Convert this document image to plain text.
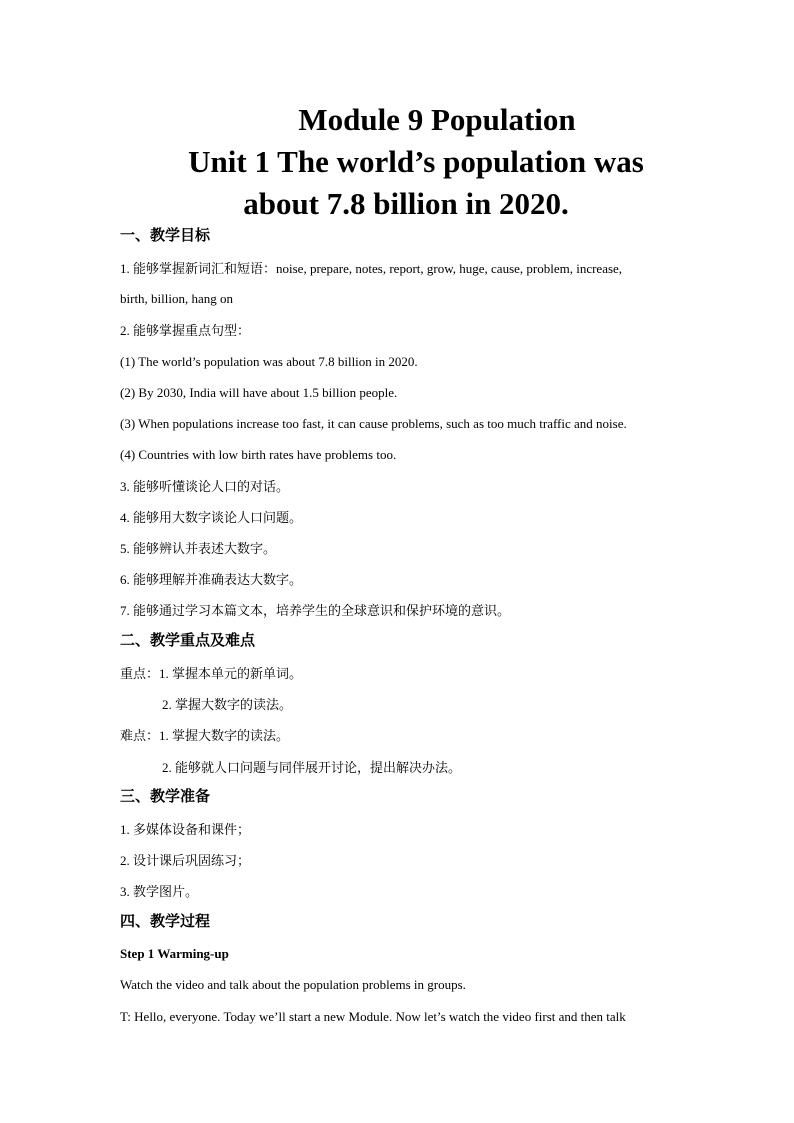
Module 9 Population
Unit 1 The world’s population was
about 7.8 billion in 2020.
一、教学目标
1. 能够掌握新词汇和短语：noise, prepare, notes, report, grow, huge, cause, problem, increase,
birth, billion, hang on
2. 能够掌握重点句型：
(1) The world’s population was about 7.8 billion in 2020.
(2) By 2030, India will have about 1.5 billion people.
(3) When populations increase too fast, it can cause problems, such as too much traffic and noise.
(4) Countries with low birth rates have problems too.
3. 能够听懂谈论人口的对话。
4. 能够用大数字谈论人口问题。
5. 能够辨认并表述大数字。
6. 能够理解并准确表达大数字。
7. 能够通过学习本篇文本，培养学生的全球意识和保护环境的意识。
二、教学重点及难点
重点：1. 掌握本单元的新单词。
2. 掌握大数字的读法。
难点：1. 掌握大数字的读法。
2. 能够就人口问题与同伴展开讨论，提出解决办法。
三、教学准备
1. 多媒体设备和课件；
2. 设计课后巩固练习；
3. 教学图片。
四、教学过程
Step 1 Warming-up
Watch the video and talk about the population problems in groups.
T: Hello, everyone. Today we’ll start a new Module. Now let’s watch the video first and then talk
